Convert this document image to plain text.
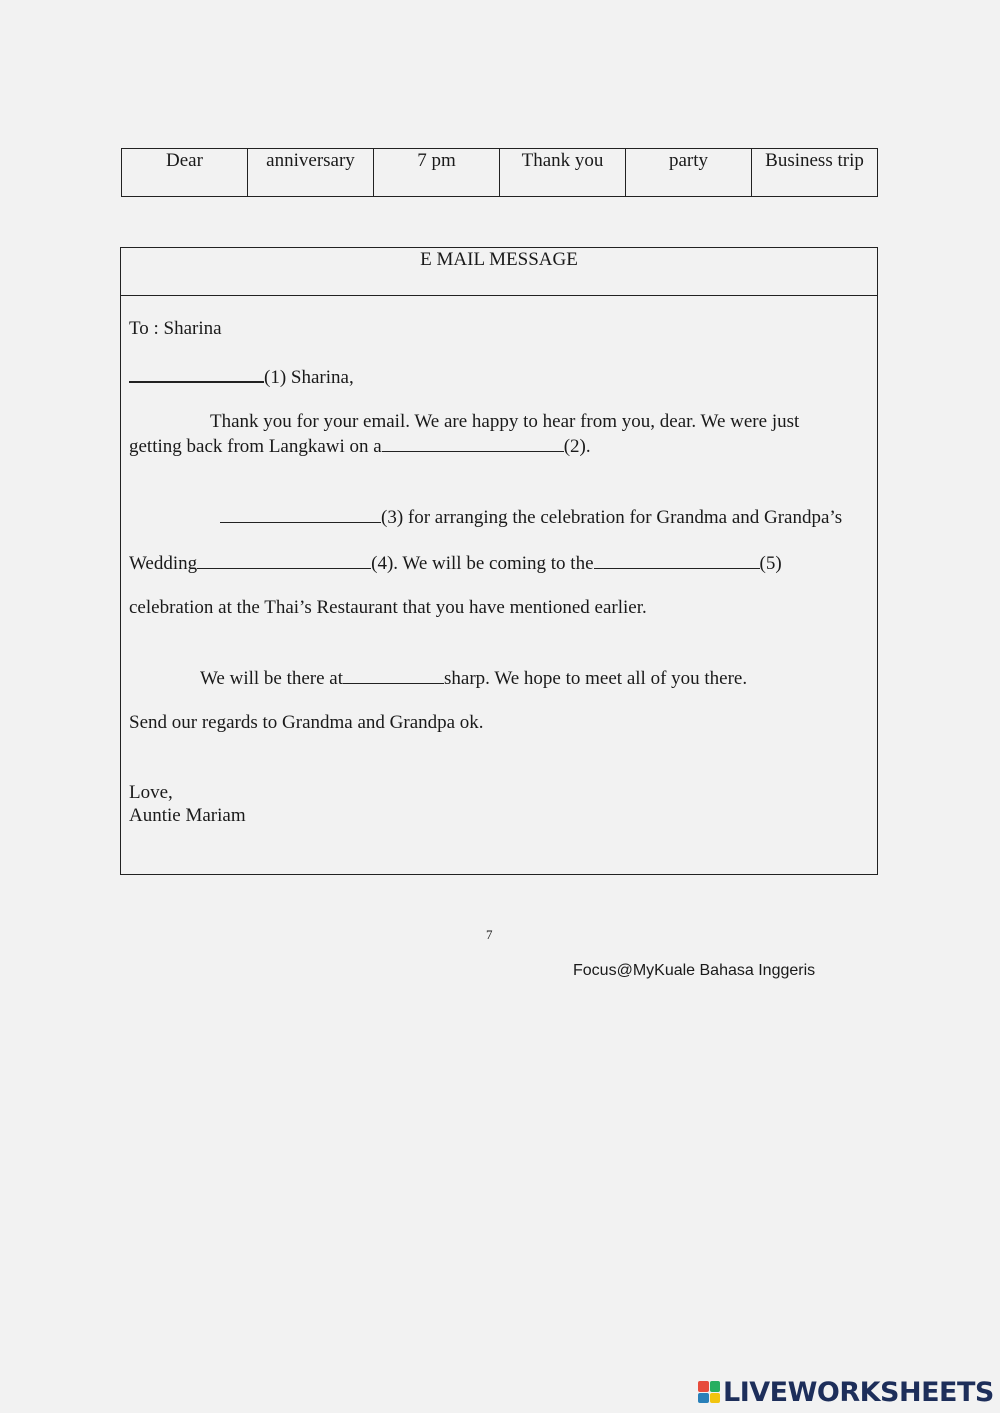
Dear	anniversary	7 pm	Thank you	party	Business trip
E MAIL MESSAGE
To : Sharina
(1) Sharina,
Thank you for your email. We are happy to hear from you, dear. We were just
getting back from Langkawi on a	(2).
(3) for arranging the celebration for Grandma and Grandpa’s
Wedding	(4). We will be coming to the	(5)
celebration at the Thai’s Restaurant that you have mentioned earlier.
We will be there at	sharp. We hope to meet all of you there.
Send our regards to Grandma and Grandpa ok.
Love,
Auntie Mariam
7
Focus@MyKuale Bahasa Inggeris
LIVEWORKSHEETS
